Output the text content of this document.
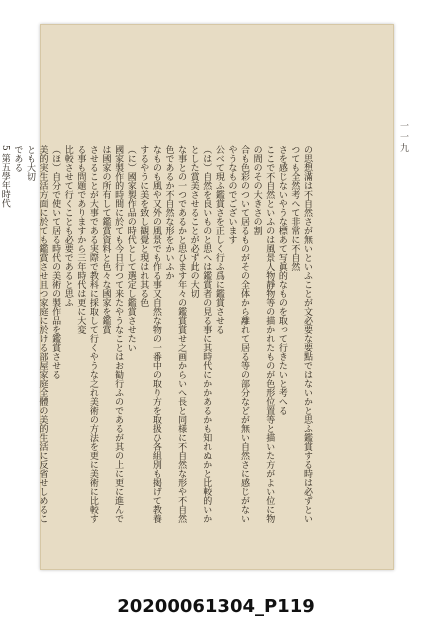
一一九

の思想滿は不自然さが無いといふことが文必要な要點ではないかと思ふ鑑賞する時は必ずといつても全然考へて非常に不自然

さを感じないやうな標あて写眞的なものを取って行きたいと考へる

ここで不自然といふのは風景人物靜物等の描かれたものが色形位置等と描いた方がよい位に物の間のその大きさの割

合も色彩のついて居るものがその全体から離れて居る等の部分などが無い自然さに感じがないやうなものでございます

公べて現ふ鑑賞さを正しく行ふ爲に鑑賞させる

（は）自然を良いものと思へは鑑賞者の見る事に其時代にかかあるかも知れぬかと比較的いかとした賞美させることが必ず此の大切

な事との一つであるかと思ひます年々の鑑賞賞せ之画からいへ長と同様に不自然な形や不自然色であるか不自然な形をかいふか

なものも風や又外の風景でも作る事又自然な物の一番中の取り方を取扱ひ各組別も掲げて教養するやうに美を致し観覺と現はれ其る色

（に）國家製作品の時代として選定し鑑賞させたい

國家製作的時間に於ても今日行つて来たやうなことはお勧行ふのであるが其の上に更に進んでは國家の所有して鑑賞資料と色々な國家を鑑賞

させることが大事である実際で教科に採取して行くやうな之れ美術の方法を更に美術に比較する事も問題でありますから三年時代は更に大変

比較させて行くことも必要であると思ふ

（ほ）自分で使いて居る時代の美術の製作品を鑑賞させる

美的実生活方面に於ても鑑賞させ且つ家庭に於ける部屋家庭全體の美的生活に反省せしめることも大切

である

5 第五學年時代

20200061304_P119
